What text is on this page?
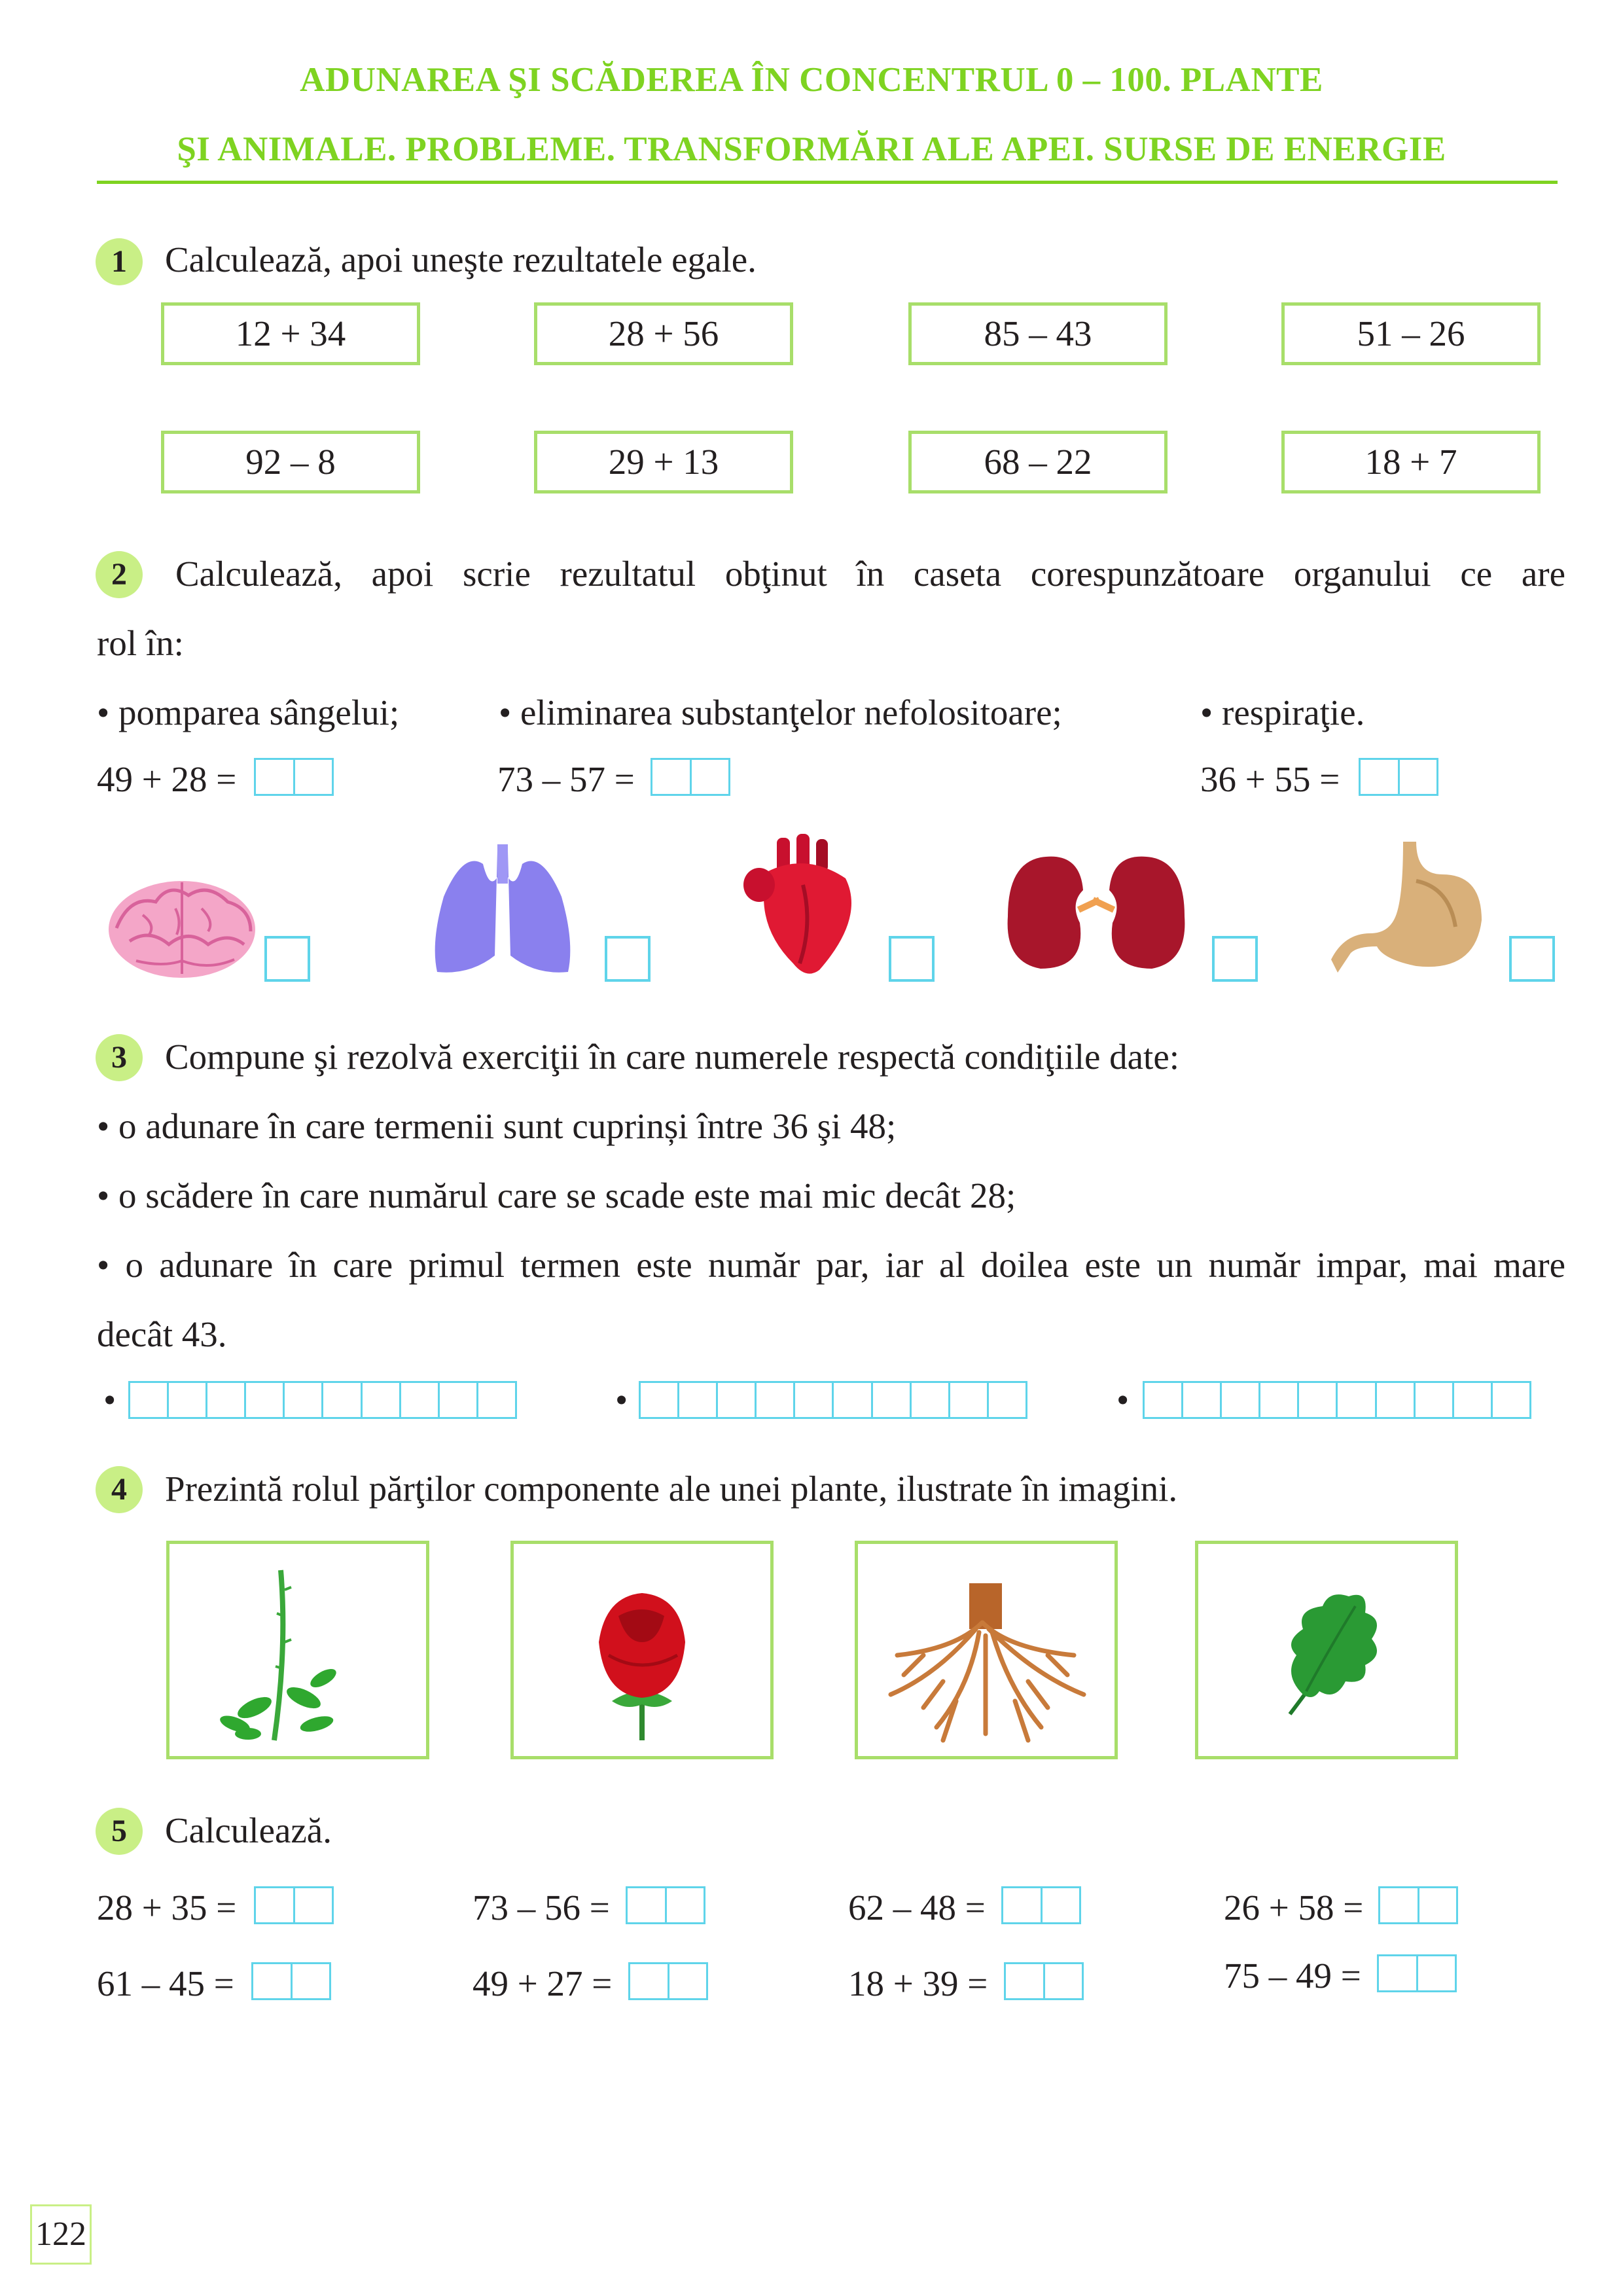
ADUNAREA ŞI SCĂDEREA ÎN CONCENTRUL 0 – 100. PLANTE
ŞI ANIMALE. PROBLEME. TRANSFORMĂRI ALE APEI. SURSE DE ENERGIE
1	Calculează, apoi uneşte rezultatele egale.
12 + 34	28 + 56	85 – 43	51 – 26
92 – 8	29 + 13	68 – 22	18 + 7
2	Calculează, apoi scrie rezultatul obţinut în caseta corespunzătoare organului ce are
rol în:
• pomparea sângelui;	• eliminarea substanţelor nefolositoare;	• respiraţie.
49 + 28 =	73 – 57 =	36 + 55 =
3	Compune şi rezolvă exerciţii în care numerele respectă condiţiile date:
• o adunare în care termenii sunt cuprinși între 36 şi 48;
• o scădere în care numărul care se scade este mai mic decât 28;
• o adunare în care primul termen este număr par, iar al doilea este un număr impar, mai mare
decât 43.
•	•	•
4	Prezintă rolul părţilor componente ale unei plante, ilustrate în imagini.
5	Calculează.
28 + 35 =	73 – 56 =	62 – 48 =	26 + 58 =
61 – 45 =	49 + 27 =	18 + 39 =	75 – 49 =
122
